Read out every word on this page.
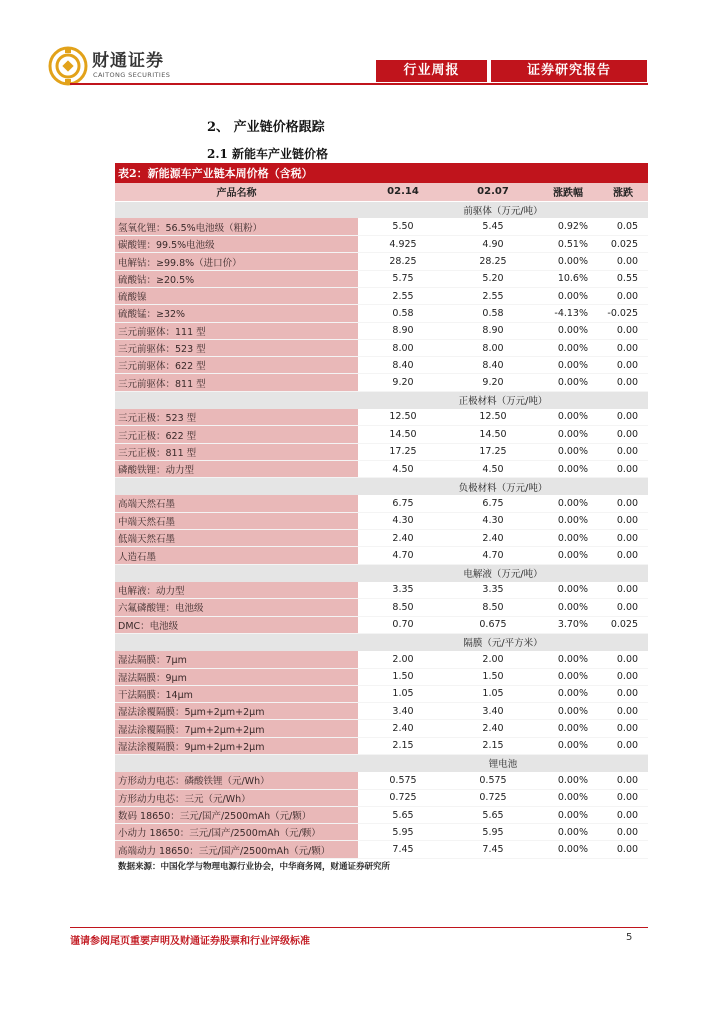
财通证券
CAITONG SECURITIES	行业周报	证券研究报告
2、 产业链价格跟踪
2.1 新能车产业链价格
表2：新能源车产业链本周价格（含税）				
产品名称	02.14	02.07	涨跌幅	涨跌
	前驱体（万元/吨）			
氢氧化锂：56.5%电池级（粗粉）	5.50	5.45	0.92%	0.05
碳酸锂：99.5%电池级	4.925	4.90	0.51%	0.025
电解钴：≥99.8%（进口价）	28.25	28.25	0.00%	0.00
硫酸钴：≥20.5%	5.75	5.20	10.6%	0.55
硫酸镍	2.55	2.55	0.00%	0.00
硫酸锰：≥32%	0.58	0.58	-4.13%	-0.025
三元前驱体：111 型	8.90	8.90	0.00%	0.00
三元前驱体：523 型	8.00	8.00	0.00%	0.00
三元前驱体：622 型	8.40	8.40	0.00%	0.00
三元前驱体：811 型	9.20	9.20	0.00%	0.00
	正极材料（万元/吨）			
三元正极：523 型	12.50	12.50	0.00%	0.00
三元正极：622 型	14.50	14.50	0.00%	0.00
三元正极：811 型	17.25	17.25	0.00%	0.00
磷酸铁锂：动力型	4.50	4.50	0.00%	0.00
	负极材料（万元/吨）			
高端天然石墨	6.75	6.75	0.00%	0.00
中端天然石墨	4.30	4.30	0.00%	0.00
低端天然石墨	2.40	2.40	0.00%	0.00
人造石墨	4.70	4.70	0.00%	0.00
	电解液（万元/吨）			
电解液：动力型	3.35	3.35	0.00%	0.00
六氟磷酸锂：电池级	8.50	8.50	0.00%	0.00
DMC：电池级	0.70	0.675	3.70%	0.025
	隔膜（元/平方米）			
湿法隔膜：7μm	2.00	2.00	0.00%	0.00
湿法隔膜：9μm	1.50	1.50	0.00%	0.00
干法隔膜：14μm	1.05	1.05	0.00%	0.00
湿法涂覆隔膜：5μm+2μm+2μm	3.40	3.40	0.00%	0.00
湿法涂覆隔膜：7μm+2μm+2μm	2.40	2.40	0.00%	0.00
湿法涂覆隔膜：9μm+2μm+2μm	2.15	2.15	0.00%	0.00
	锂电池			
方形动力电芯：磷酸铁锂（元/Wh）	0.575	0.575	0.00%	0.00
方形动力电芯：三元（元/Wh）	0.725	0.725	0.00%	0.00
数码 18650：三元/国产/2500mAh（元/颗）	5.65	5.65	0.00%	0.00
小动力 18650：三元/国产/2500mAh（元/颗）	5.95	5.95	0.00%	0.00
高端动力 18650：三元/国产/2500mAh（元/颗）	7.45	7.45	0.00%	0.00
数据来源：中国化学与物理电源行业协会，中华商务网，财通证券研究所
谨请参阅尾页重要声明及财通证券股票和行业评级标准	5
